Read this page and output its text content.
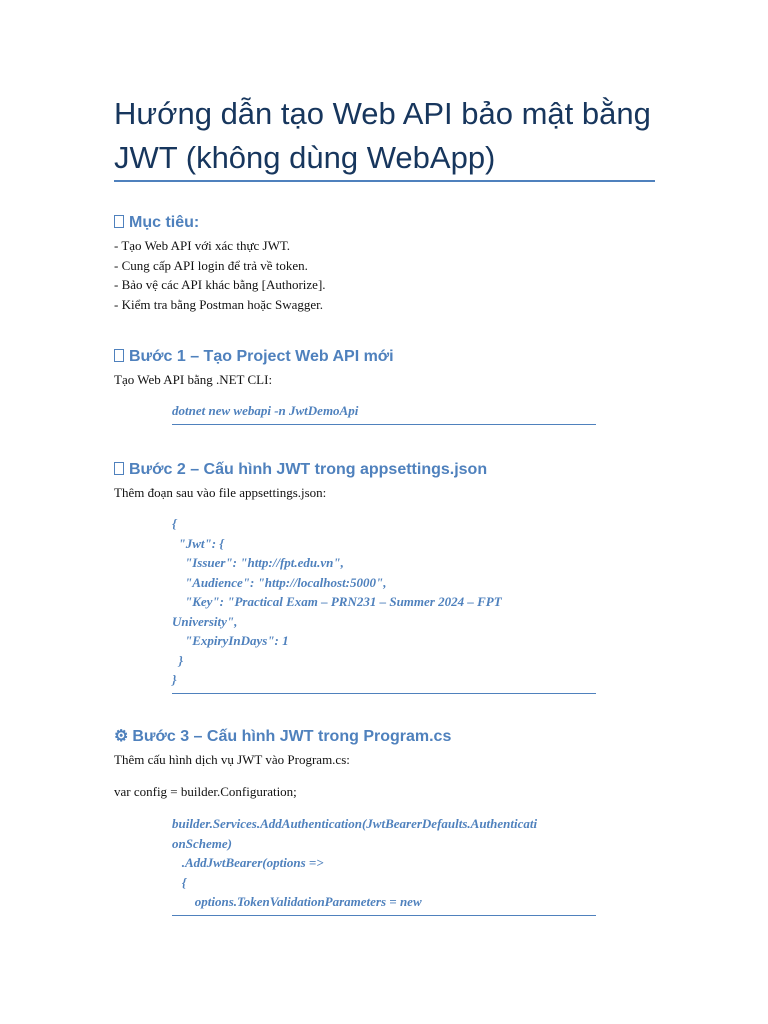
Hướng dẫn tạo Web API bảo mật bằng JWT (không dùng WebApp)
Mục tiêu:
- Tạo Web API với xác thực JWT.
- Cung cấp API login để trả về token.
- Bảo vệ các API khác bằng [Authorize].
- Kiểm tra bằng Postman hoặc Swagger.
Bước 1 – Tạo Project Web API mới
Tạo Web API bằng .NET CLI:
dotnet new webapi -n JwtDemoApi
Bước 2 – Cấu hình JWT trong appsettings.json
Thêm đoạn sau vào file appsettings.json:
{
"Jwt": {
"Issuer": "http://fpt.edu.vn",
"Audience": "http://localhost:5000",
"Key": "Practical Exam – PRN231 – Summer 2024 – FPT
University",
"ExpiryInDays": 1
}
}
⚙ Bước 3 – Cấu hình JWT trong Program.cs
Thêm cấu hình dịch vụ JWT vào Program.cs:
var config = builder.Configuration;
builder.Services.AddAuthentication(JwtBearerDefaults.Authenticati
onScheme)
.AddJwtBearer(options =>
{
options.TokenValidationParameters = new
